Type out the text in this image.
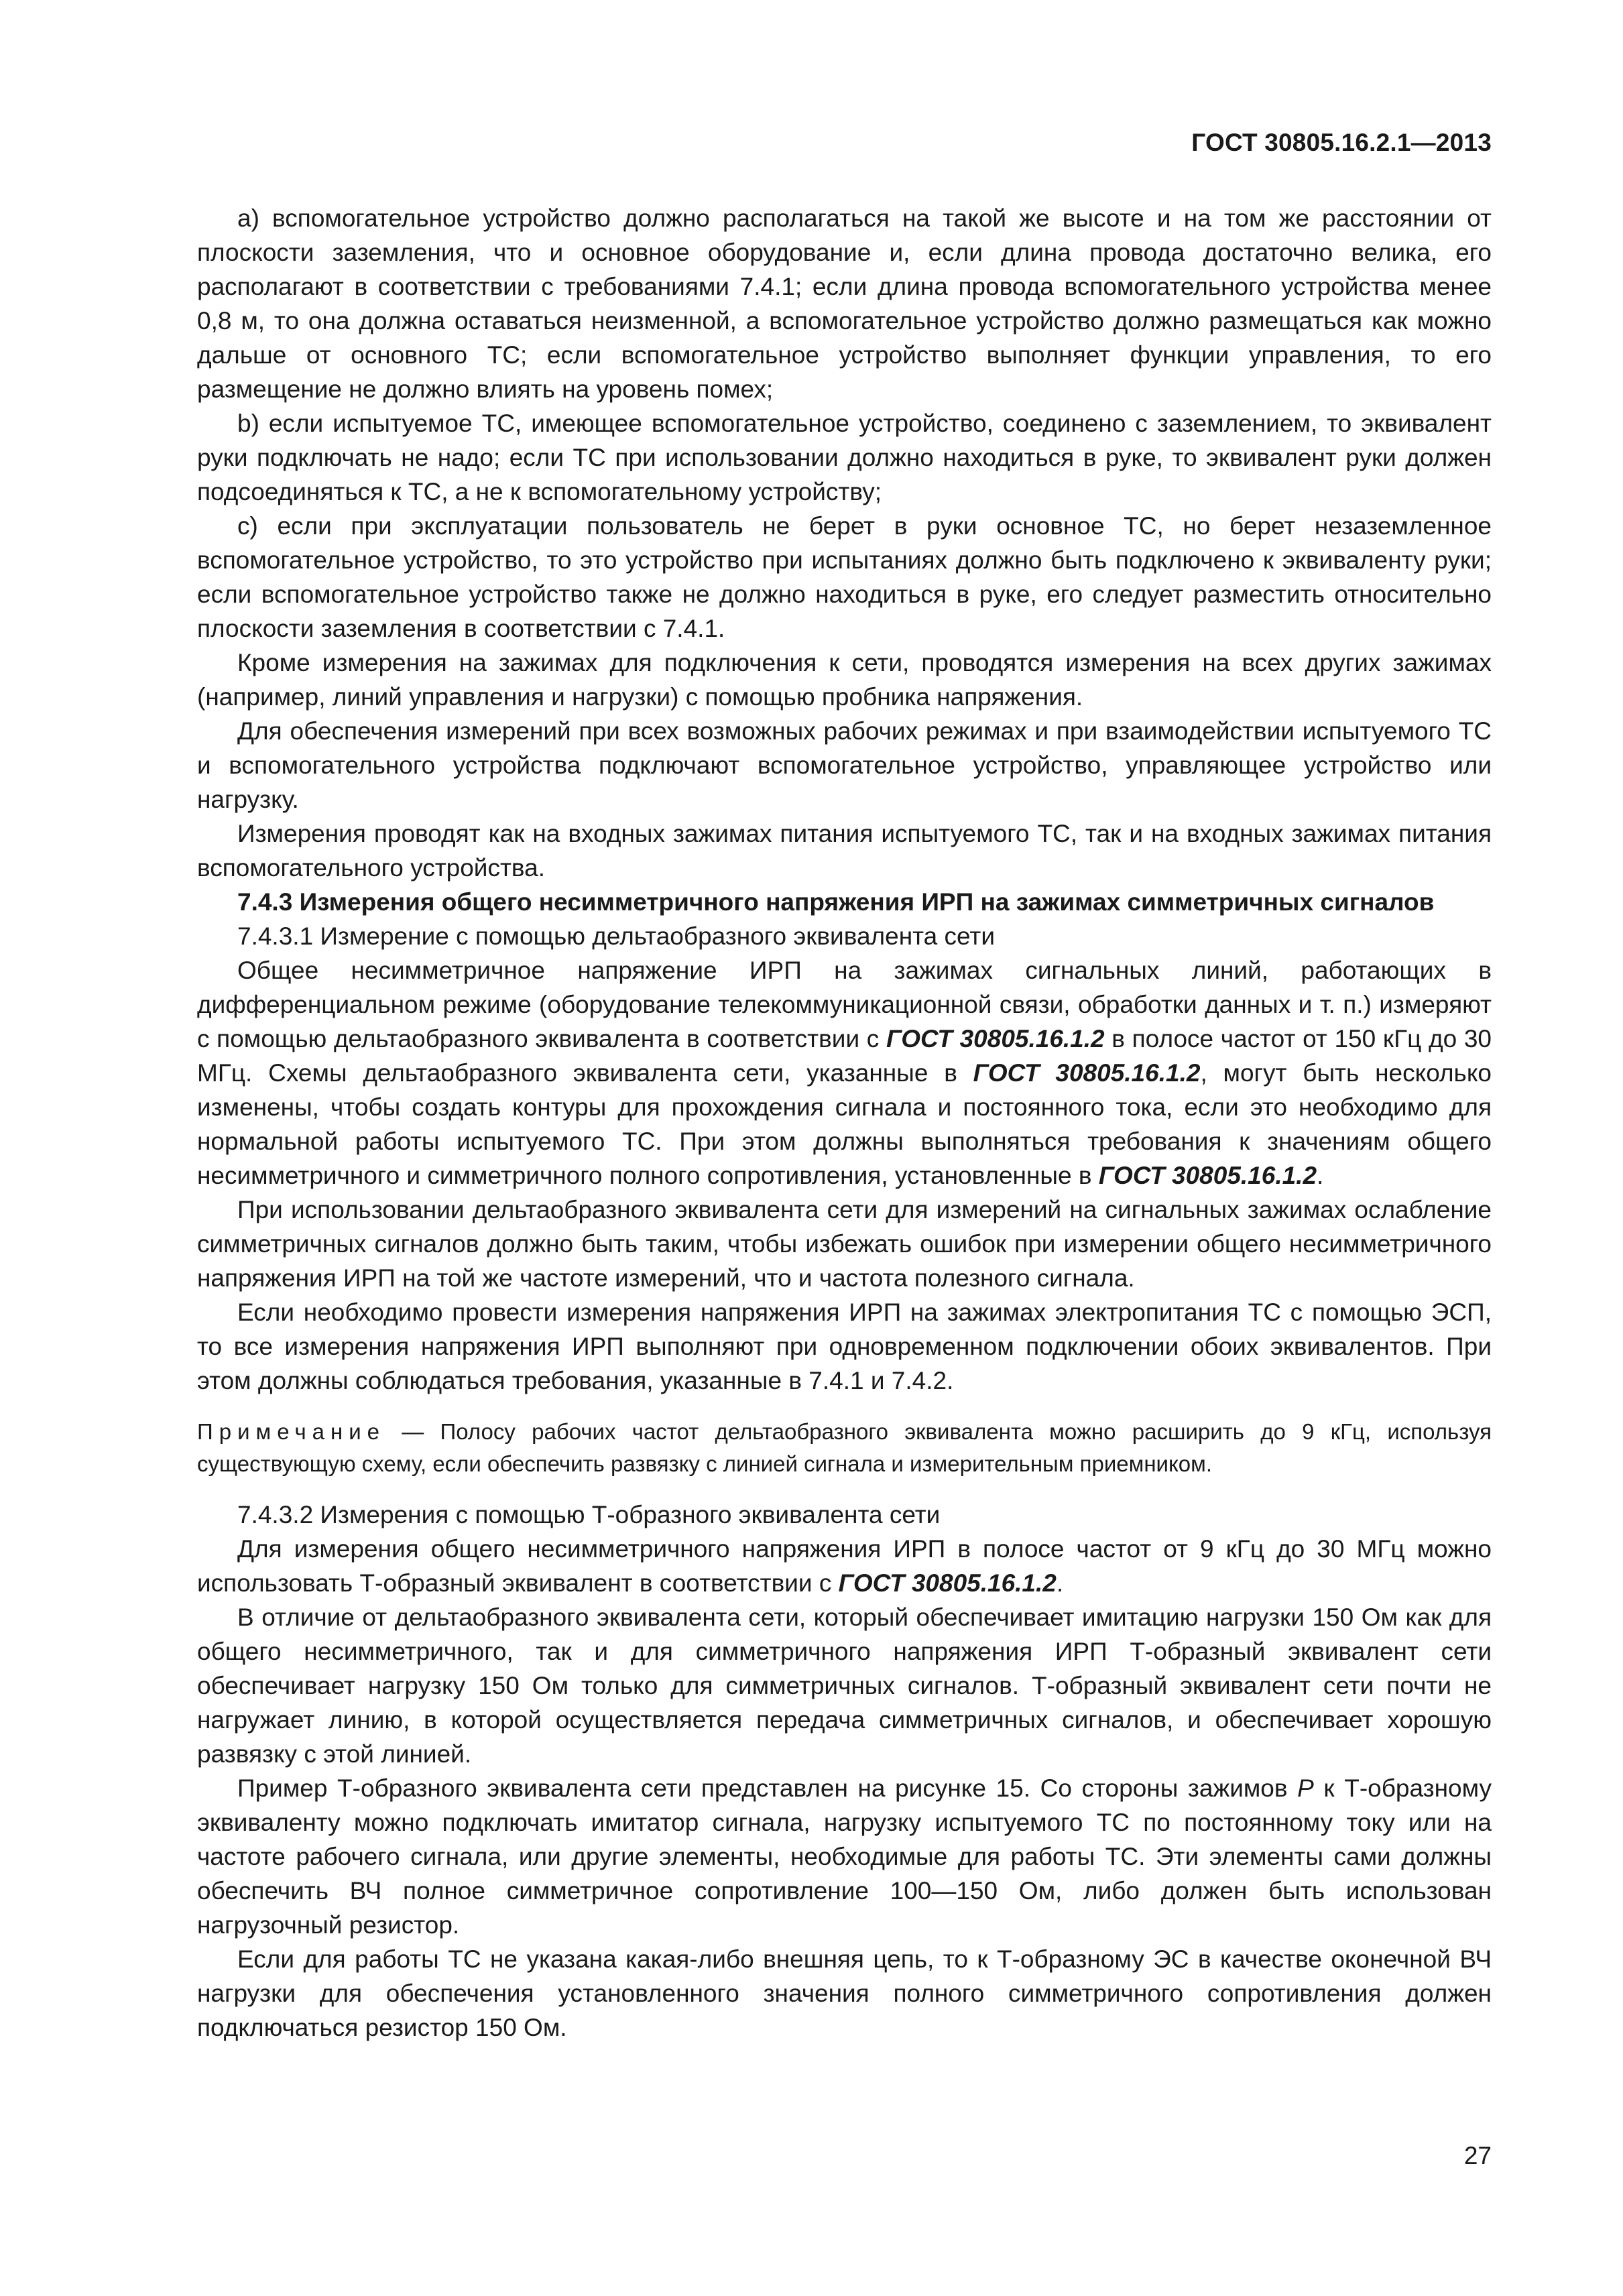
ГОСТ 30805.16.2.1—2013

a) вспомогательное устройство должно располагаться на такой же высоте и на том же расстоянии от плоскости заземления, что и основное оборудование и, если длина провода достаточно велика, его располагают в соответствии с требованиями 7.4.1; если длина провода вспомогательного устройства менее 0,8 м, то она должна оставаться неизменной, а вспомогательное устройство должно размещаться как можно дальше от основного ТС; если вспомогательное устройство выполняет функции управления, то его размещение не должно влиять на уровень помех;

b) если испытуемое ТС, имеющее вспомогательное устройство, соединено с заземлением, то эквивалент руки подключать не надо; если ТС при использовании должно находиться в руке, то эквивалент руки должен подсоединяться к ТС, а не к вспомогательному устройству;

c) если при эксплуатации пользователь не берет в руки основное ТС, но берет незаземленное вспомогательное устройство, то это устройство при испытаниях должно быть подключено к эквиваленту руки; если вспомогательное устройство также не должно находиться в руке, его следует разместить относительно плоскости заземления в соответствии с 7.4.1.

Кроме измерения на зажимах для подключения к сети, проводятся измерения на всех других зажимах (например, линий управления и нагрузки) с помощью пробника напряжения.

Для обеспечения измерений при всех возможных рабочих режимах и при взаимодействии испытуемого ТС и вспомогательного устройства подключают вспомогательное устройство, управляющее устройство или нагрузку.

Измерения проводят как на входных зажимах питания испытуемого ТС, так и на входных зажимах питания вспомогательного устройства.

7.4.3 Измерения общего несимметричного напряжения ИРП на зажимах симметричных сигналов

7.4.3.1 Измерение с помощью дельтаобразного эквивалента сети

Общее несимметричное напряжение ИРП на зажимах сигнальных линий, работающих в дифференциальном режиме (оборудование телекоммуникационной связи, обработки данных и т. п.) измеряют с помощью дельтаобразного эквивалента в соответствии с ГОСТ 30805.16.1.2 в полосе частот от 150 кГц до 30 МГц. Схемы дельтаобразного эквивалента сети, указанные в ГОСТ 30805.16.1.2, могут быть несколько изменены, чтобы создать контуры для прохождения сигнала и постоянного тока, если это необходимо для нормальной работы испытуемого ТС. При этом должны выполняться требования к значениям общего несимметричного и симметричного полного сопротивления, установленные в ГОСТ 30805.16.1.2.

При использовании дельтаобразного эквивалента сети для измерений на сигнальных зажимах ослабление симметричных сигналов должно быть таким, чтобы избежать ошибок при измерении общего несимметричного напряжения ИРП на той же частоте измерений, что и частота полезного сигнала.

Если необходимо провести измерения напряжения ИРП на зажимах электропитания ТС с помощью ЭСП, то все измерения напряжения ИРП выполняют при одновременном подключении обоих эквивалентов. При этом должны соблюдаться требования, указанные в 7.4.1 и 7.4.2.

Примечание — Полосу рабочих частот дельтаобразного эквивалента можно расширить до 9 кГц, используя существующую схему, если обеспечить развязку с линией сигнала и измерительным приемником.

7.4.3.2 Измерения с помощью Т-образного эквивалента сети

Для измерения общего несимметричного напряжения ИРП в полосе частот от 9 кГц до 30 МГц можно использовать Т-образный эквивалент в соответствии с ГОСТ 30805.16.1.2.

В отличие от дельтаобразного эквивалента сети, который обеспечивает имитацию нагрузки 150 Ом как для общего несимметричного, так и для симметричного напряжения ИРП Т-образный эквивалент сети обеспечивает нагрузку 150 Ом только для симметричных сигналов. Т-образный эквивалент сети почти не нагружает линию, в которой осуществляется передача симметричных сигналов, и обеспечивает хорошую развязку с этой линией.

Пример Т-образного эквивалента сети представлен на рисунке 15. Со стороны зажимов P к Т-образному эквиваленту можно подключать имитатор сигнала, нагрузку испытуемого ТС по постоянному току или на частоте рабочего сигнала, или другие элементы, необходимые для работы ТС. Эти элементы сами должны обеспечить ВЧ полное симметричное сопротивление 100—150 Ом, либо должен быть использован нагрузочный резистор.

Если для работы ТС не указана какая-либо внешняя цепь, то к Т-образному ЭС в качестве оконечной ВЧ нагрузки для обеспечения установленного значения полного симметричного сопротивления должен подключаться резистор 150 Ом.

27
